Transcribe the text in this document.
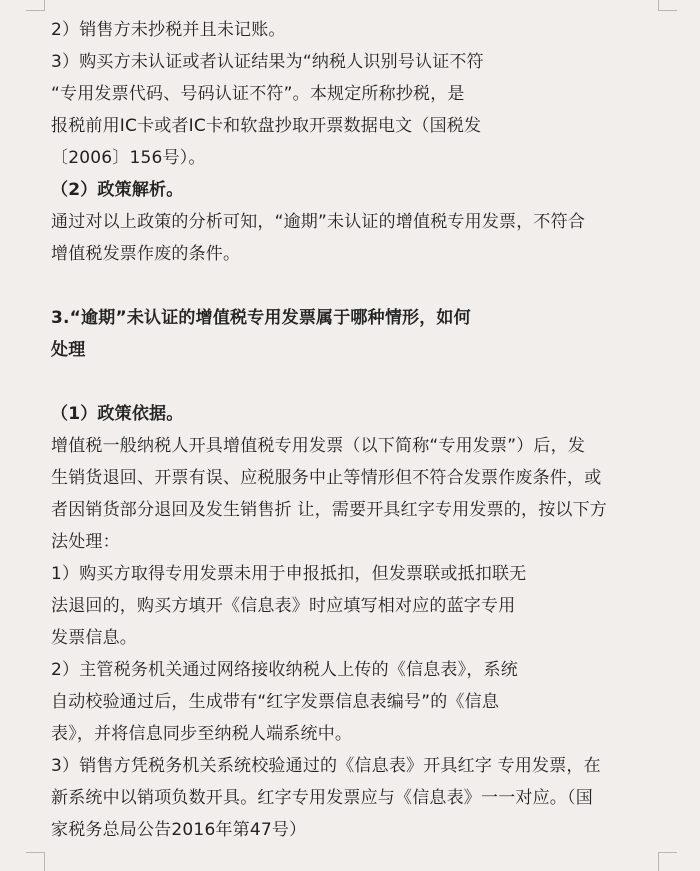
2）销售方未抄税并且未记账。
3）购买方未认证或者认证结果为“纳税人识别号认证不符
“专用发票代码、号码认证不符”。本规定所称抄税，是
报税前用IC卡或者IC卡和软盘抄取开票数据电文（国税发
〔2006〕156号）。
（2）政策解析。
通过对以上政策的分析可知，“逾期”未认证的增值税专用发票，不符合
增值税发票作废的条件。
3.“逾期”未认证的增值税专用发票属于哪种情形，如何
处理
（1）政策依据。
增值税一般纳税人开具增值税专用发票（以下简称“专用发票”）后，发
生销货退回、开票有误、应税服务中止等情形但不符合发票作废条件，或
者因销货部分退回及发生销售折 让，需要开具红字专用发票的，按以下方
法处理：
1）购买方取得专用发票未用于申报抵扣，但发票联或抵扣联无
法退回的，购买方填开《信息表》时应填写相对应的蓝字专用
发票信息。
2）主管税务机关通过网络接收纳税人上传的《信息表》，系统
自动校验通过后，生成带有“红字发票信息表编号”的《信息
表》，并将信息同步至纳税人端系统中。
3）销售方凭税务机关系统校验通过的《信息表》开具红字 专用发票，在
新系统中以销项负数开具。红字专用发票应与《信息表》一一对应。（国
家税务总局公告2016年第47号）
